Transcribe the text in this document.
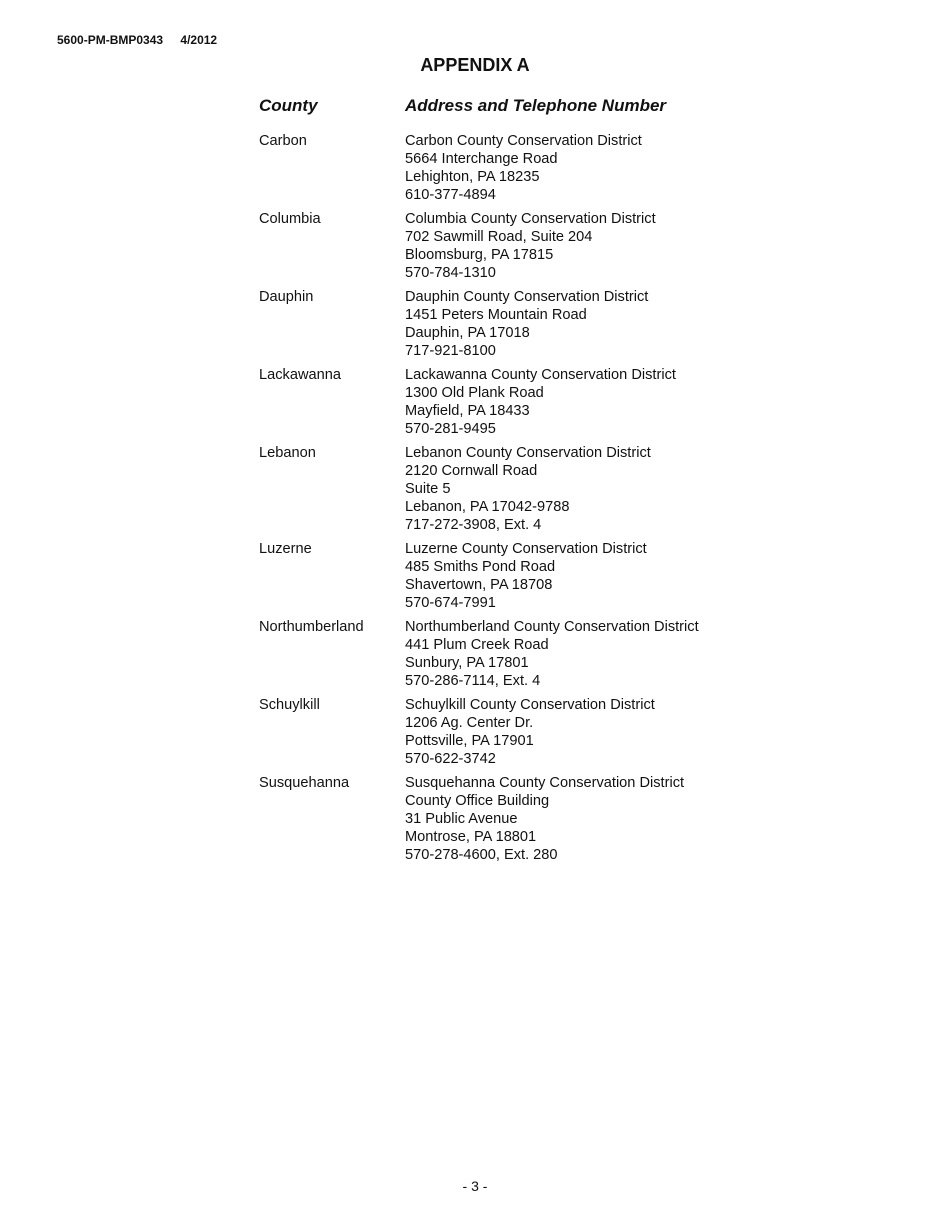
5600-PM-BMP0343 4/2012
APPENDIX A
County	Address and Telephone Number
Carbon	Carbon County Conservation District
5664 Interchange Road
Lehighton, PA 18235
610-377-4894
Columbia	Columbia County Conservation District
702 Sawmill Road, Suite 204
Bloomsburg, PA 17815
570-784-1310
Dauphin	Dauphin County Conservation District
1451 Peters Mountain Road
Dauphin, PA 17018
717-921-8100
Lackawanna	Lackawanna County Conservation District
1300 Old Plank Road
Mayfield, PA 18433
570-281-9495
Lebanon	Lebanon County Conservation District
2120 Cornwall Road
Suite 5
Lebanon, PA 17042-9788
717-272-3908, Ext. 4
Luzerne	Luzerne County Conservation District
485 Smiths Pond Road
Shavertown, PA 18708
570-674-7991
Northumberland	Northumberland County Conservation District
441 Plum Creek Road
Sunbury, PA 17801
570-286-7114, Ext. 4
Schuylkill	Schuylkill County Conservation District
1206 Ag. Center Dr.
Pottsville, PA 17901
570-622-3742
Susquehanna	Susquehanna County Conservation District
County Office Building
31 Public Avenue
Montrose, PA 18801
570-278-4600, Ext. 280
- 3 -
